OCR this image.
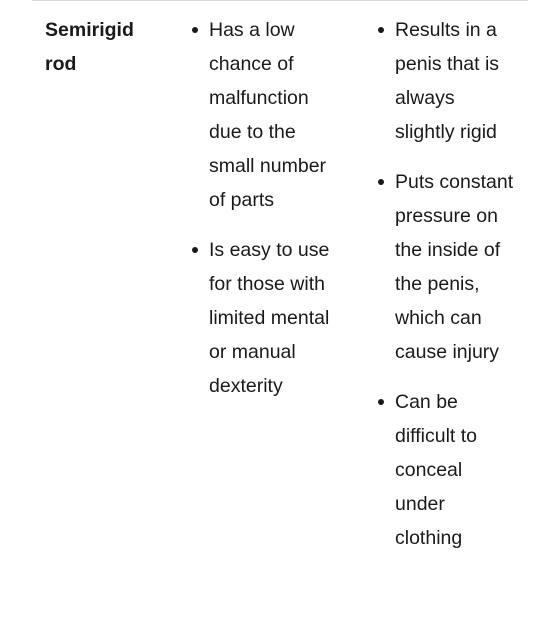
Semirigid rod
Has a low chance of malfunction due to the small number of parts
Is easy to use for those with limited mental or manual dexterity
Results in a penis that is always slightly rigid
Puts constant pressure on the inside of the penis, which can cause injury
Can be difficult to conceal under clothing
